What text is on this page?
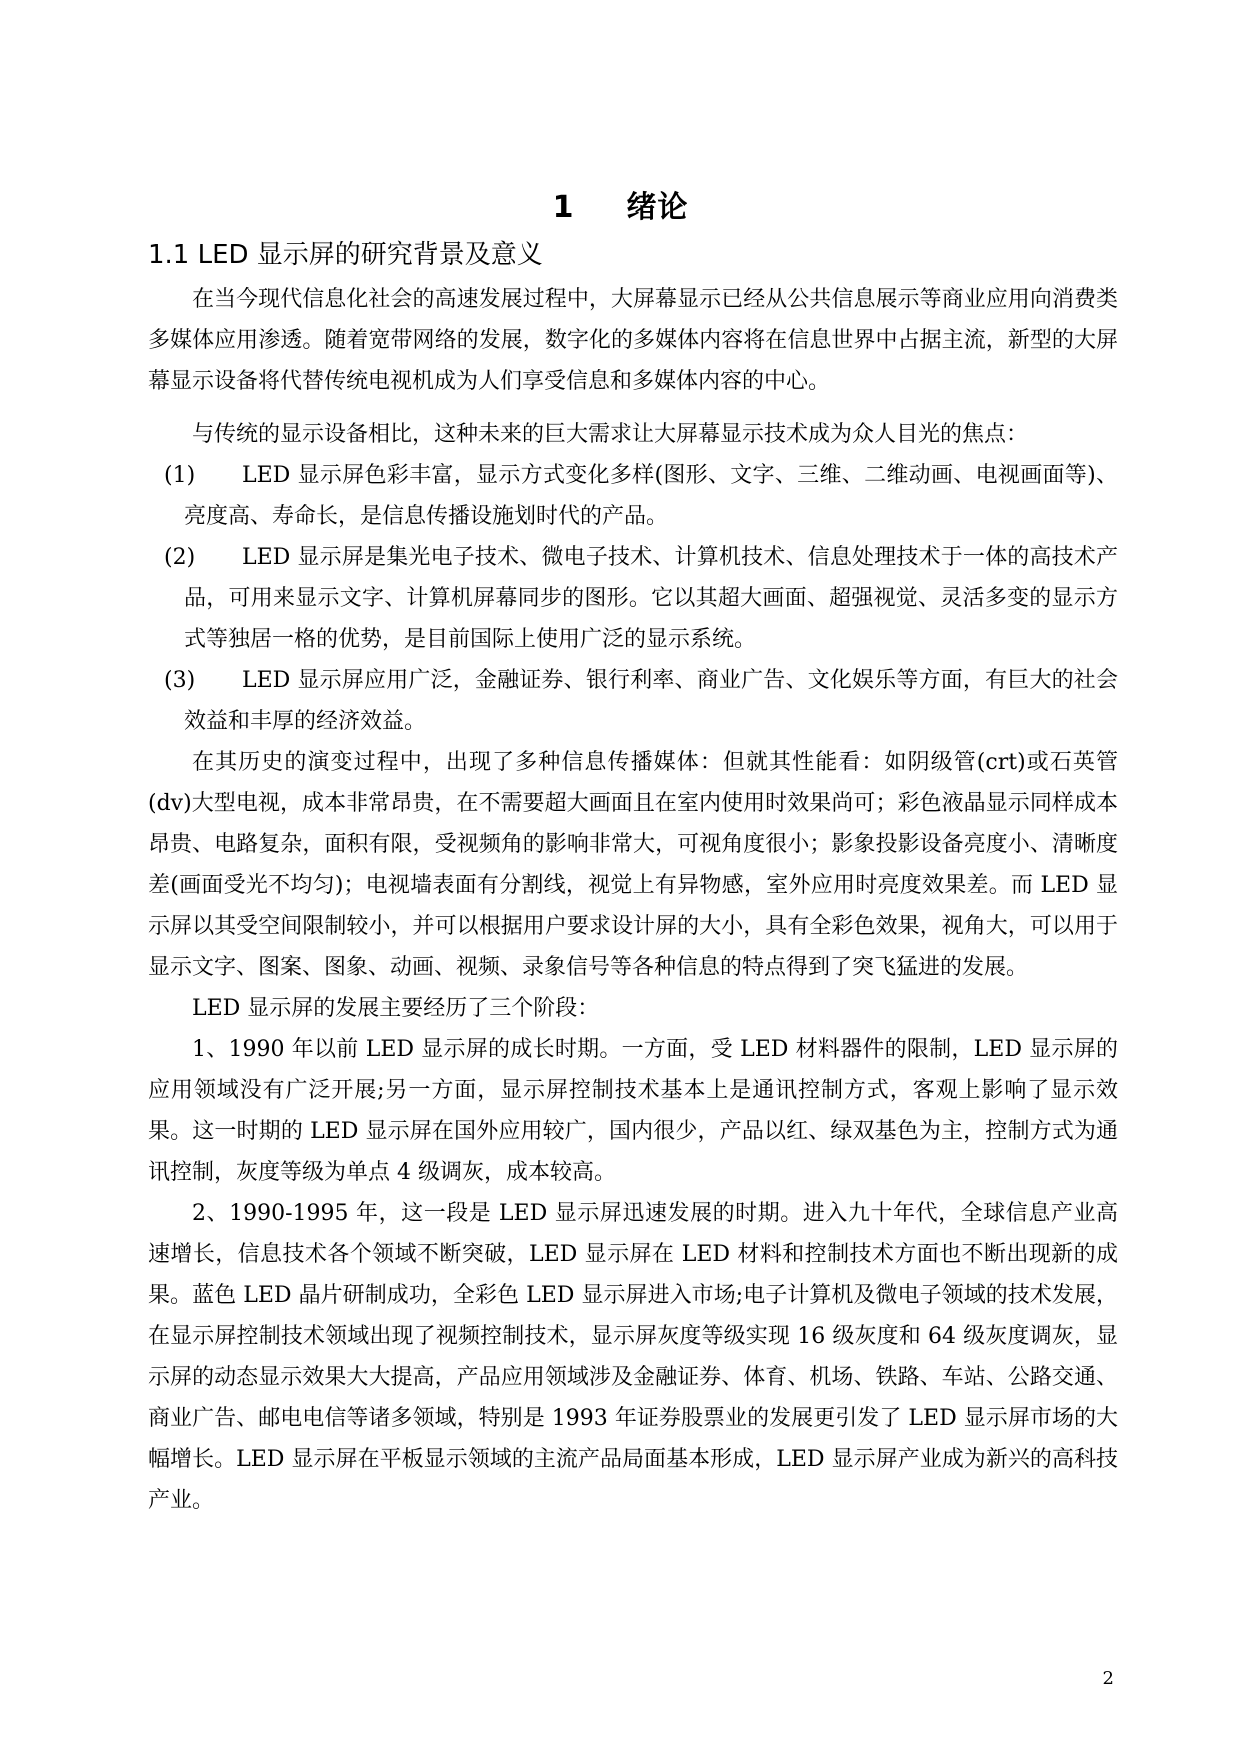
1 绪论
1.1 LED 显示屏的研究背景及意义

在当今现代信息化社会的高速发展过程中，大屏幕显示已经从公共信息展示等商业应用向消费类多媒体应用渗透。随着宽带网络的发展，数字化的多媒体内容将在信息世界中占据主流，新型的大屏幕显示设备将代替传统电视机成为人们享受信息和多媒体内容的中心。

与传统的显示设备相比，这种未来的巨大需求让大屏幕显示技术成为众人目光的焦点：

(1)	LED 显示屏色彩丰富，显示方式变化多样(图形、文字、三维、二维动画、电视画面等)、亮度高、寿命长，是信息传播设施划时代的产品。
(2)	LED 显示屏是集光电子技术、微电子技术、计算机技术、信息处理技术于一体的高技术产品，可用来显示文字、计算机屏幕同步的图形。它以其超大画面、超强视觉、灵活多变的显示方式等独居一格的优势，是目前国际上使用广泛的显示系统。
(3)	LED 显示屏应用广泛，金融证券、银行利率、商业广告、文化娱乐等方面，有巨大的社会效益和丰厚的经济效益。

在其历史的演变过程中，出现了多种信息传播媒体：但就其性能看：如阴级管(crt)或石英管(dv)大型电视，成本非常昂贵，在不需要超大画面且在室内使用时效果尚可；彩色液晶显示同样成本昂贵、电路复杂，面积有限，受视频角的影响非常大，可视角度很小；影象投影设备亮度小、清晰度差(画面受光不均匀)；电视墙表面有分割线，视觉上有异物感，室外应用时亮度效果差。而 LED 显示屏以其受空间限制较小，并可以根据用户要求设计屏的大小，具有全彩色效果，视角大，可以用于显示文字、图案、图象、动画、视频、录象信号等各种信息的特点得到了突飞猛进的发展。

LED 显示屏的发展主要经历了三个阶段：

1、1990 年以前 LED 显示屏的成长时期。一方面，受 LED 材料器件的限制，LED 显示屏的应用领域没有广泛开展;另一方面，显示屏控制技术基本上是通讯控制方式，客观上影响了显示效果。这一时期的 LED 显示屏在国外应用较广，国内很少，产品以红、绿双基色为主，控制方式为通讯控制，灰度等级为单点 4 级调灰，成本较高。

2、1990-1995 年，这一段是 LED 显示屏迅速发展的时期。进入九十年代，全球信息产业高速增长，信息技术各个领域不断突破，LED 显示屏在 LED 材料和控制技术方面也不断出现新的成果。蓝色 LED 晶片研制成功，全彩色 LED 显示屏进入市场;电子计算机及微电子领域的技术发展，在显示屏控制技术领域出现了视频控制技术，显示屏灰度等级实现 16 级灰度和 64 级灰度调灰，显示屏的动态显示效果大大提高，产品应用领域涉及金融证券、体育、机场、铁路、车站、公路交通、商业广告、邮电电信等诸多领域，特别是 1993 年证券股票业的发展更引发了 LED 显示屏市场的大幅增长。LED 显示屏在平板显示领域的主流产品局面基本形成，LED 显示屏产业成为新兴的高科技产业。

2
